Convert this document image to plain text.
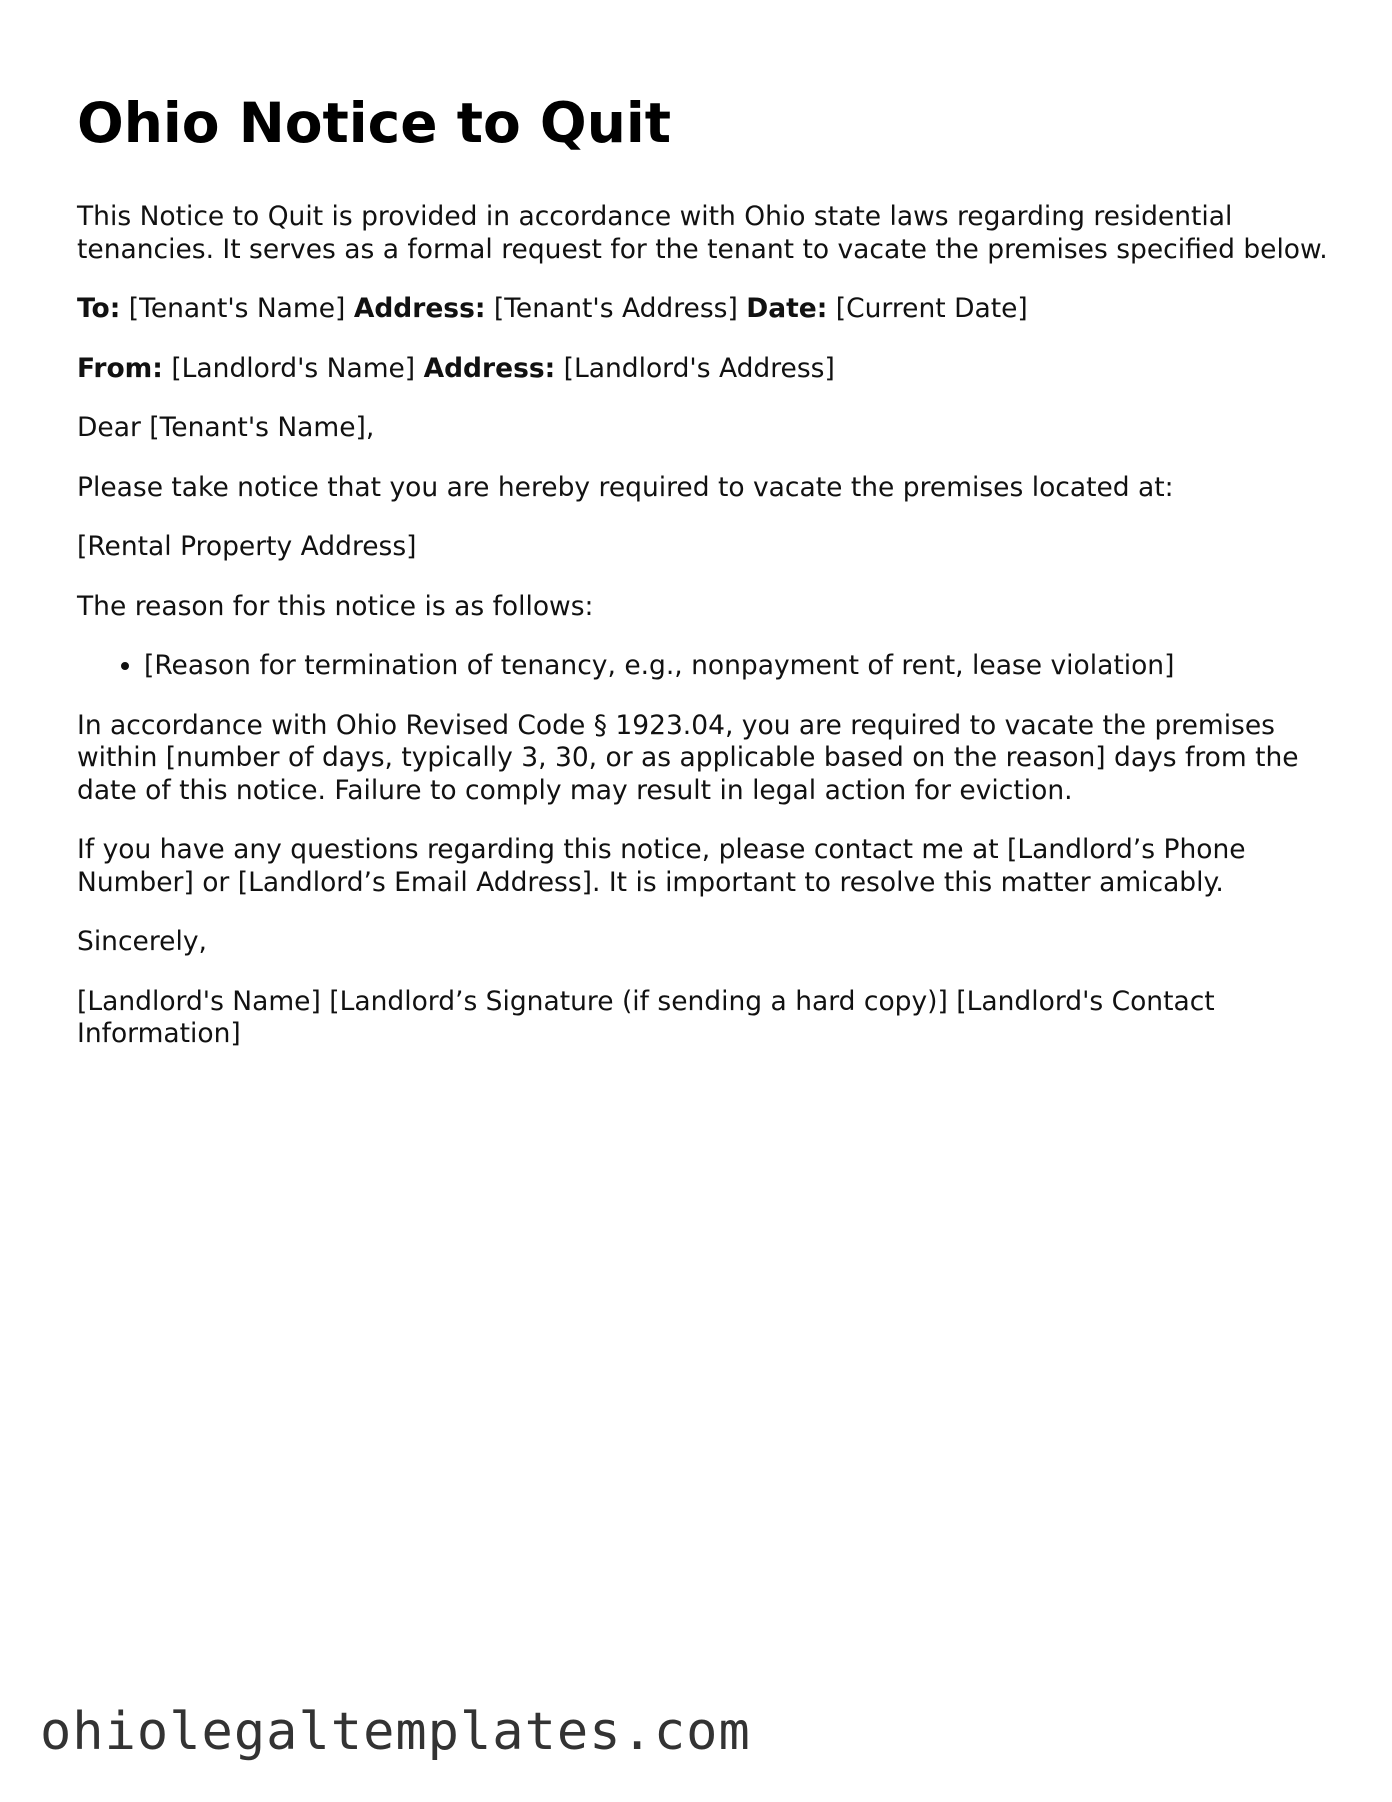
Ohio Notice to Quit

This Notice to Quit is provided in accordance with Ohio state laws regarding residential tenancies. It serves as a formal request for the tenant to vacate the premises specified below.

To: [Tenant's Name] Address: [Tenant's Address] Date: [Current Date]

From: [Landlord's Name] Address: [Landlord's Address]

Dear [Tenant's Name],

Please take notice that you are hereby required to vacate the premises located at:

[Rental Property Address]

The reason for this notice is as follows:

• [Reason for termination of tenancy, e.g., nonpayment of rent, lease violation]

In accordance with Ohio Revised Code § 1923.04, you are required to vacate the premises within [number of days, typically 3, 30, or as applicable based on the reason] days from the date of this notice. Failure to comply may result in legal action for eviction.

If you have any questions regarding this notice, please contact me at [Landlord’s Phone Number] or [Landlord’s Email Address]. It is important to resolve this matter amicably.

Sincerely,

[Landlord's Name] [Landlord’s Signature (if sending a hard copy)] [Landlord's Contact Information]

ohiolegaltemplates.com
